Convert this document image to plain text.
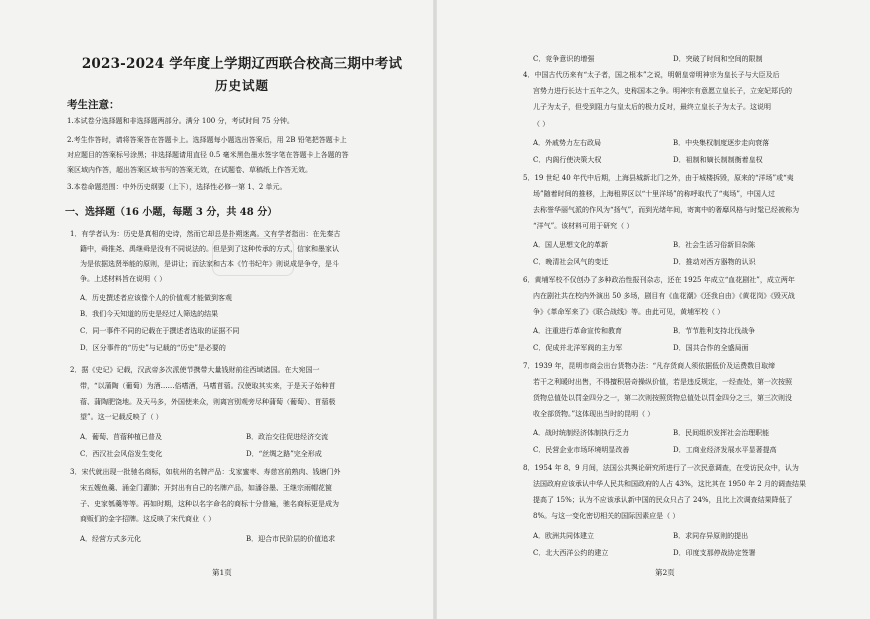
2023-2024 学年度上学期辽西联合校高三期中考试
历史试题
考生注意：
1.本试卷分选择题和非选择题两部分。满分 100 分，考试时间 75 分钟。
2.考生作答时，请将答案答在答题卡上。选择题每小题选出答案后，用 2B 铅笔把答题卡上
对应题目的答案标号涂黑；非选择题请用直径 0.5 毫米黑色墨水签字笔在答题卡上各题的答
案区域内作答，超出答案区域书写的答案无效，在试题卷、草稿纸上作答无效。
3.本卷命题范围：中外历史纲要（上下），选择性必修一第 1、2 单元。
一、选择题（16 小题，每题 3 分，共 48 分）
1．有学者认为：历史是真相的史诗，然而它却总是扑朔迷离。文有学者指出：在先秦古
籍中，舜推尧、禹继舜是没有不同说法的。但是到了这种传承的方式，信家和墨家认
为是依据选贤举能的原则，是讲让；而法家和古本《竹书纪年》则说成是争夺，是斗
争。上述材料旨在说明（ ）
A．历史撰述者应该像个人的价值观才能做到客观
B．我们今天知道的历史是经过人筛选的结果
C．同一事件不同的记载在于撰述者选取的证据不同
D．区分事件的“历史”与记载的“历史”是必要的
2．据《史记》记载，汉武帝多次派使节携带大量钱财前往西域诸国。在大宛国一
带，“以蒲陶（葡萄）为酒……俗嗜酒，马嗜苜蓿。汉使取其实来，于是天子始种苜
蓿、蒲陶肥饶地。及天马多，外国使来众，则离宫别观旁尽种蒲萄（葡萄）、苜蓿极
望”。这一记载反映了（ ）
A．葡萄、苜蓿种植已普及	B．政治交往促进经济交流
C．西汉社会风俗发生变化	D．“丝绸之路”完全形成
3．宋代就出现一批驰名商标，如杭州的名牌产品：戈家蜜枣、寿慈宫前熟肉、钱塘门外
宋五嫂鱼羹、涌金门灌肺；开封出有自己的名牌产品，如潘谷墨、王继宗雨帽花箧
子、史家瓠羹等等。再如时期，这种以名字命名的商标十分普遍，驰名商标更是成为
商贩们的金字招牌。这反映了宋代商业（ ）
A．经营方式多元化	B．迎合市民阶层的价值追求
第1页
C．竞争意识的增强	D．突破了时间和空间的限制
4．中国古代历来有“太子者，国之根本”之说，明朝皇帝明神宗为皇长子与大臣及后
宫势力进行长达十五年之久，史称国本之争。明神宗有意愿立皇长子，立宠妃郑氏的
儿子为太子，但受到阻力与皇太后的极力反对，最终立皇长子为太子。这说明
（ ）
A．外戚势力左右政局	B．中央集权制度逐步走向衰落
C．内阁行使决策大权	D．祖制和嫡长制制衡着皇权
5．19 世纪 40 年代中后期，上海县城新北门之外，由于城楼拆毁，原来的“洋场”或“夷
场”随着时间的推移，上海租界区以“十里洋场”的称呼取代了“夷场”，中国人过
去称誉华丽气派的作风为“扬气”，而到光绪年间，寄寓中的奢靡风格与时髦已经被称为
“洋气”。该材料可用于研究（ ）
A．国人思想文化的革新	B．社会生活习俗新旧杂陈
C．晚清社会风气的变迁	D．推动对西方器物的认识
6．黄埔军校不仅创办了多种政治性报刊杂志，还在 1925 年成立“血花剧社”，成立两年
内在剧社共在校内外演出 50 多场，剧目有《血花潮》《还我自由》《黄花岗》《毁灭战
争》《革命军来了》《联合战线》等。由此可见，黄埔军校（ ）
A．注重进行革命宣传和教育	B．节节胜利支持北伐战争
C．促成并北洋军阀的主力军	D．国共合作的全盛局面
7．1939 年，昆明市商会出台货物办法：“凡存货商人须依据低价及运费数目取缔
若干之利暖时出售，不得擅积居奇操纵价值，若是违反规定，一经查处，第一次按照
货物总值处以罚金四分之一，第二次则按照货物总值处以罚金四分之三，第三次则没
收全部货物。”这体现出当时的昆明（ ）
A．战时统制经济体制执行乏力	B．民间组织发挥社会治理职能
C．民营企业市场环境明显改善	D．工商业经济发展水平显著提高
8．1954 年 8、9 月间，法国公共舆论研究所进行了一次民意调查，在受访民众中，认为
法国政府应该承认中华人民共和国政府的人占 43%，这比其在 1950 年 2 月的调查结果
提高了 15%；认为不应该承认新中国的民众只占了 24%，且比上次调查结果降低了
8%。与这一变化密切相关的国际因素应是（ ）
A．欧洲共同体建立	B．求同存异原则的提出
C．北大西洋公约的建立	D．印度支那停战协定签署
第2页
